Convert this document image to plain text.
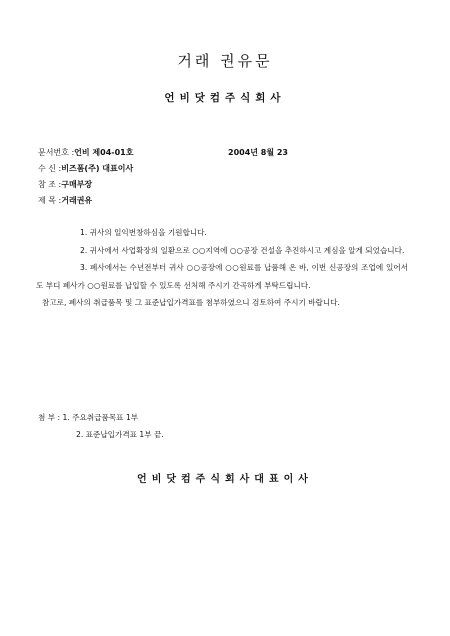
거래 권유문
언비닷컴주식회사
문서번호 :언비 제04-01호	2004년 8월 23
수 신 :비즈폼(주) 대표이사
참 조 :구매부장
제 목 :거래권유

1. 귀사의 일익번창하심을 기원합니다.

2. 귀사에서 사업확장의 일환으로 ○○지역에 ○○공장 건설을 추진하시고 계심을 알게 되었습니다.

3. 폐사에서는 수년전부터 귀사 ○○공장에 ○○원료를 납품해 온 바, 이번 신공장의 조업에 있어서도 부디 폐사가 ○○원료를 납입할 수 있도록 선처해 주시기 간곡하게 부탁드립니다.

참고로, 폐사의 취급품목 및 그 표준납입가격표를 첨부하였으니 검토하여 주시기 바랍니다.

첨 부 : 1. 주요취급품목표 1부
2. 표준납입가격표 1부 끝.
언비닷컴주식회사대표이사
